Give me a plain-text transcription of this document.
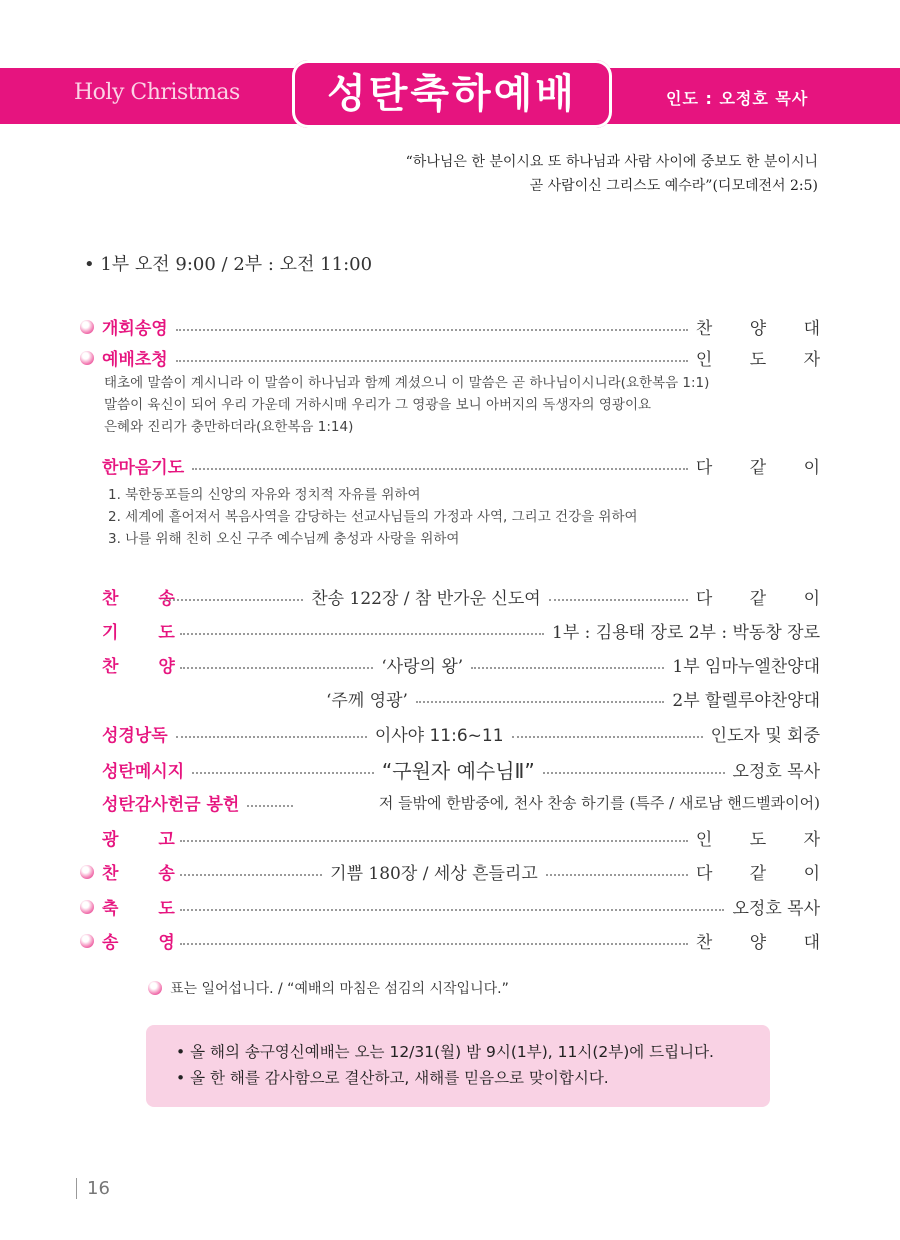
Holy Christmas	성탄축하예배	인도 : 오정호 목사
“하나님은 한 분이시요 또 하나님과 사람 사이에 중보도 한 분이시니
곧 사람이신 그리스도 예수라”(디모데전서 2:5)
• 1부 오전 9:00 / 2부 : 오전 11:00
개회송영	찬 양 대
예배초청	인 도 자
태초에 말씀이 계시니라 이 말씀이 하나님과 함께 계셨으니 이 말씀은 곧 하나님이시니라(요한복음 1:1)
말씀이 육신이 되어 우리 가운데 거하시매 우리가 그 영광을 보니 아버지의 독생자의 영광이요
은혜와 진리가 충만하더라(요한복음 1:14)
한마음기도	다 같 이
1. 북한동포들의 신앙의 자유와 정치적 자유를 위하여
2. 세계에 흩어져서 복음사역을 감당하는 선교사님들의 가정과 사역, 그리고 건강을 위하여
3. 나를 위해 친히 오신 구주 예수님께 충성과 사랑을 위하여
찬송	찬송 122장 / 참 반가운 신도여	다 같 이
기도	1부 : 김용태 장로 2부 : 박동창 장로
찬양	‘사랑의 왕’	1부 임마누엘찬양대
‘주께 영광’	2부 할렐루야찬양대
성경낭독	이사야 11:6~11	인도자 및 회중
성탄메시지	“구원자 예수님Ⅱ”	오정호 목사
성탄감사헌금 봉헌	저 들밖에 한밤중에, 천사 찬송 하기를 (특주 / 새로남 핸드벨콰이어)
광고	인 도 자
찬송	기쁨 180장 / 세상 흔들리고	다 같 이
축도	오정호 목사
송영	찬 양 대
표는 일어섭니다. / “예배의 마침은 섬김의 시작입니다.”

• 올 해의 송구영신예배는 오는 12/31(월) 밤 9시(1부), 11시(2부)에 드립니다.

• 올 한 해를 감사함으로 결산하고, 새해를 믿음으로 맞이합시다.

16
